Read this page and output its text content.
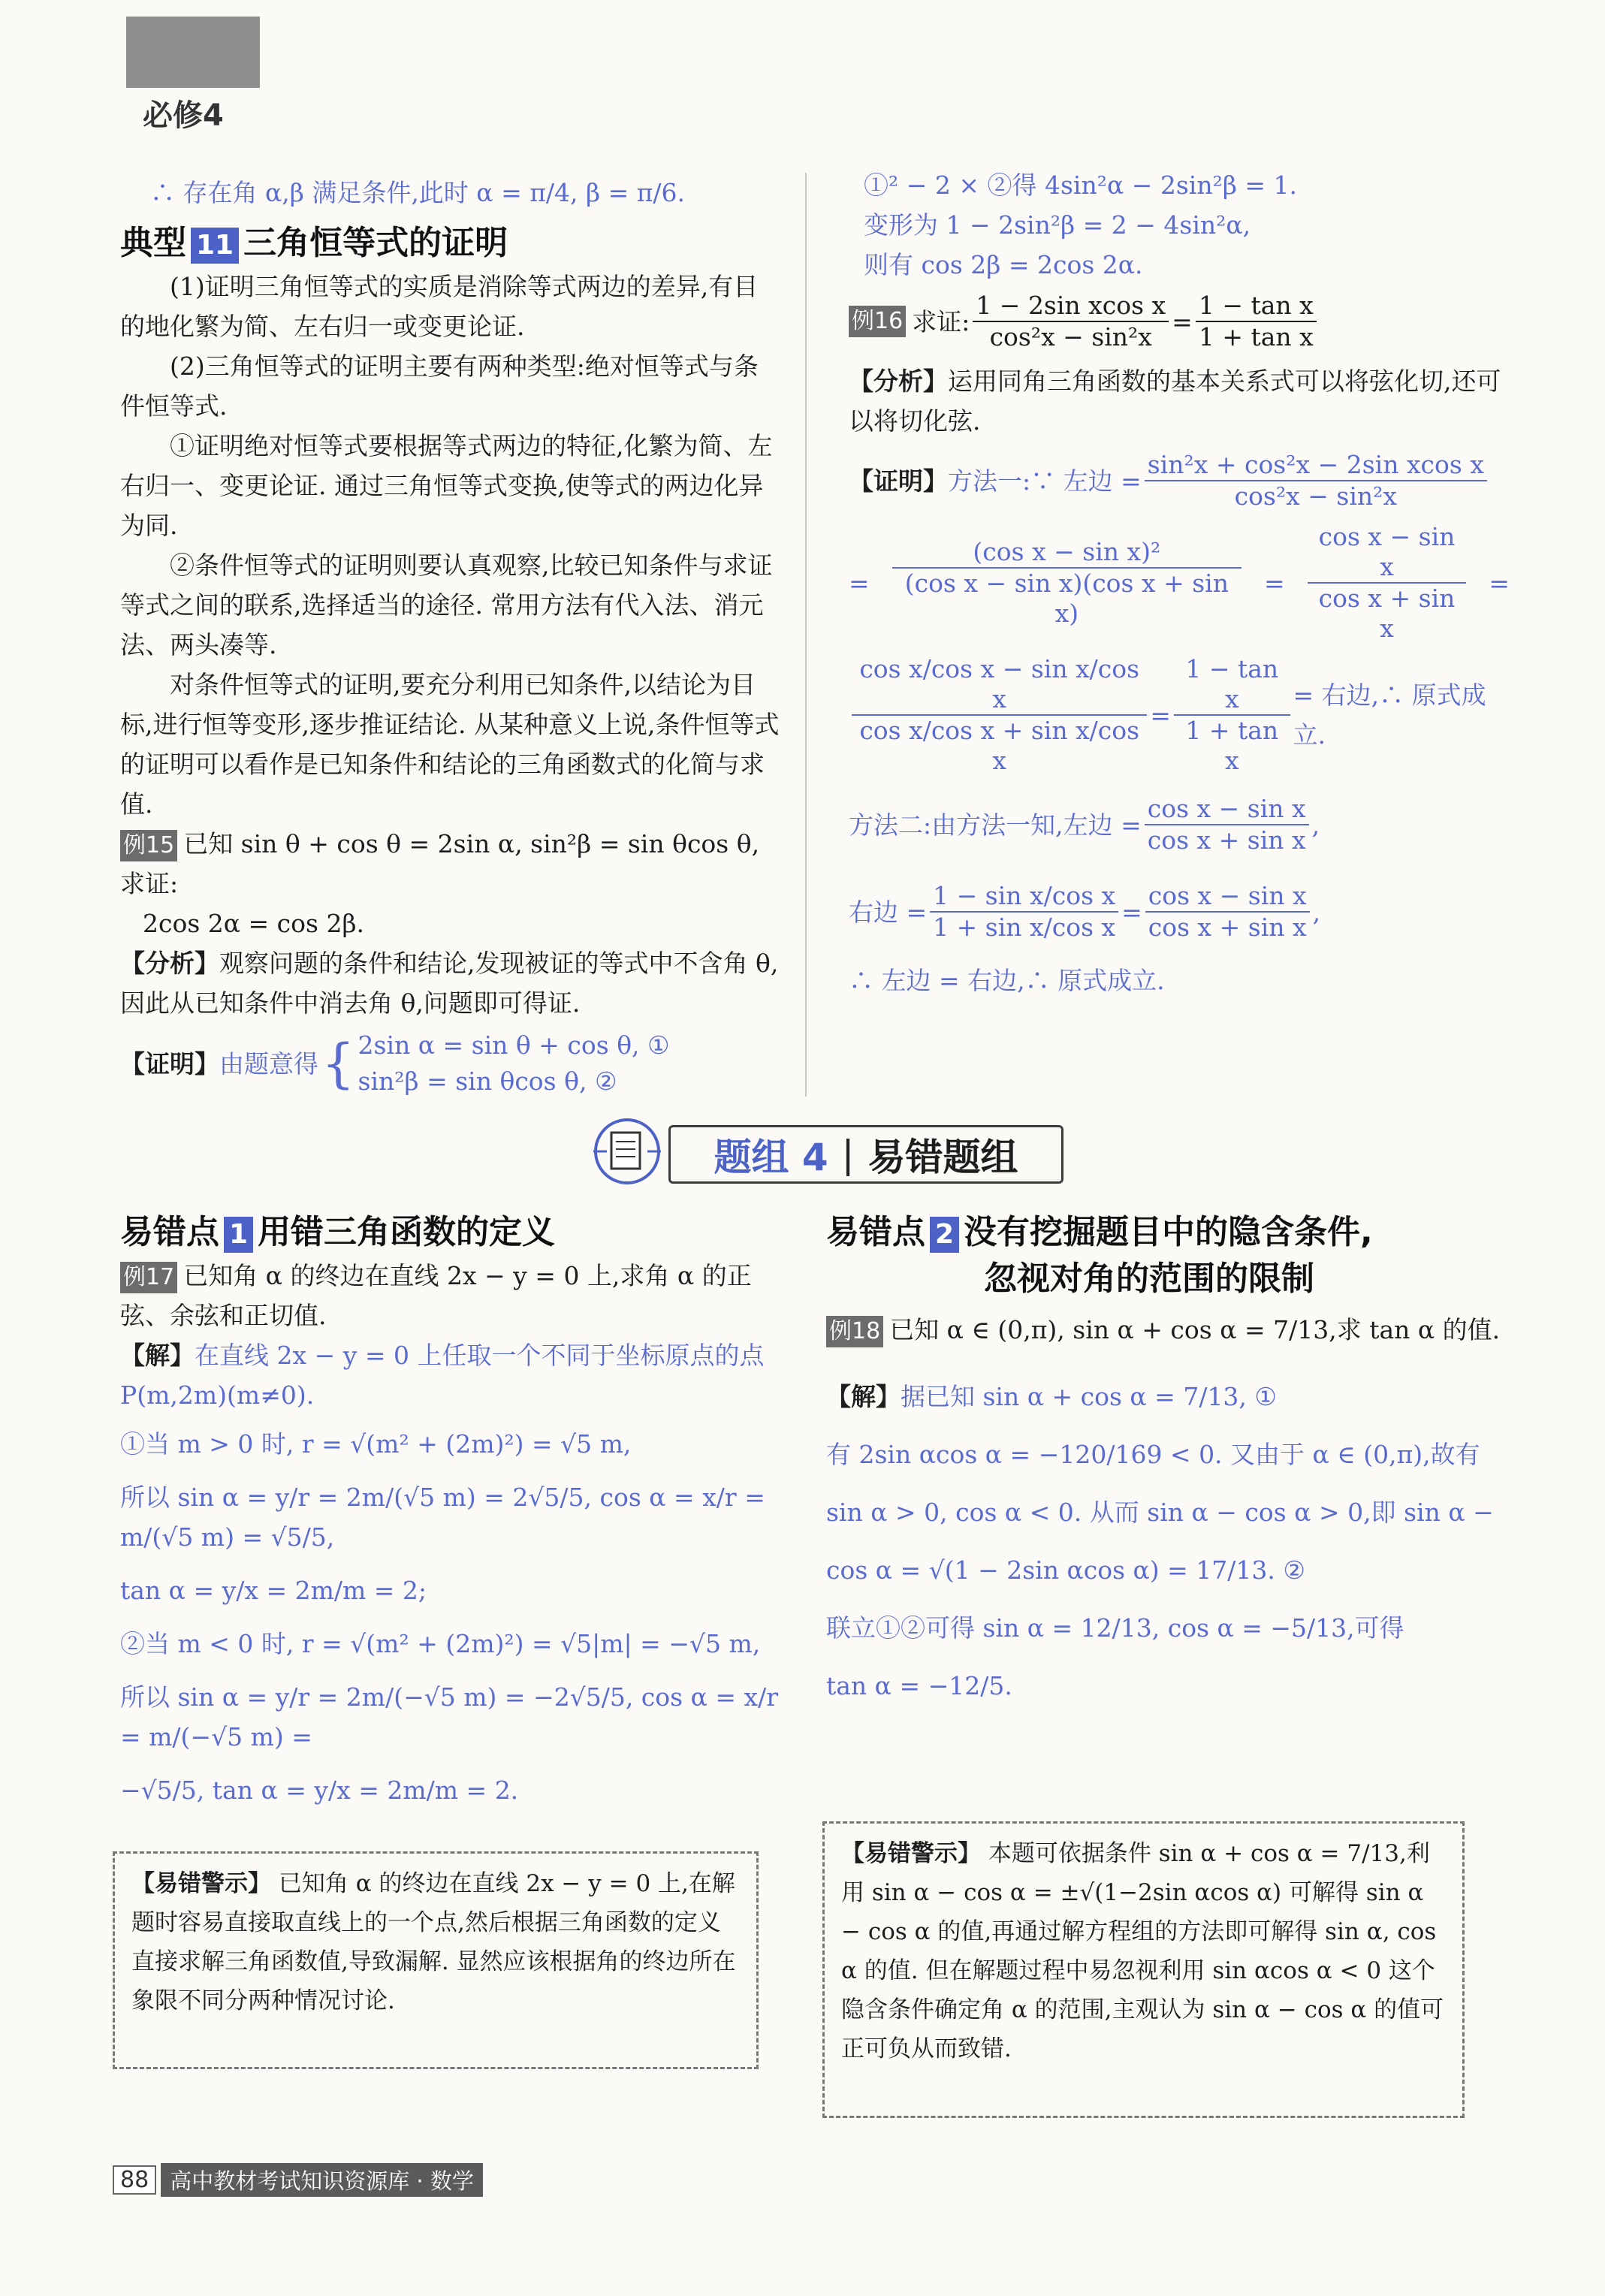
必修4

∴ 存在角 α,β 满足条件,此时 α = π/4, β = π/6.

典型 11 三角恒等式的证明

(1)证明三角恒等式的实质是消除等式两边的差异,有目的地化繁为简、左右归一或变更论证.

(2)三角恒等式的证明主要有两种类型:绝对恒等式与条件恒等式.

①证明绝对恒等式要根据等式两边的特征,化繁为简、左右归一、变更论证. 通过三角恒等式变换,使等式的两边化异为同.

②条件恒等式的证明则要认真观察,比较已知条件与求证等式之间的联系,选择适当的途径. 常用方法有代入法、消元法、两头凑等.

对条件恒等式的证明,要充分利用已知条件,以结论为目标,进行恒等变形,逐步推证结论. 从某种意义上说,条件恒等式的证明可以看作是已知条件和结论的三角函数式的化简与求值.

例15 已知 sin θ + cos θ = 2sin α, sin²β = sin θcos θ,求证:

2cos 2α = cos 2β.

【分析】观察问题的条件和结论,发现被证的等式中不含角 θ,因此从已知条件中消去角 θ,问题即可得证.

【证明】 由题意得 { 2sin α = sin θ + cos θ, ①
sin²β = sin θcos θ, ②

①² − 2 × ②得 4sin²α − 2sin²β = 1.

变形为 1 − 2sin²β = 2 − 4sin²α,

则有 cos 2β = 2cos 2α.

例16 求证: $\frac{\text{1 − 2sin xcos x}}{\text{cos²x − sin²x}} = \frac{\text{1 − tan x}}{\text{1 + tan x}}$

【分析】运用同角三角函数的基本关系式可以将弦化切,还可以将切化弦.

【证明】 方法一:∵ 左边 = $\frac{\text{sin²x + cos²x − 2sin xcos x}}{\text{cos²x − sin²x}}$
= $\frac{\text{(cos x − sin x)²}}{\text{(cos x − sin x)(cos x + sin x)}} = \frac{\text{cos x − sin x}}{\text{cos x + sin x}}$ =
$\frac{\text{cos x/cos x − sin x/cos x}}{\text{cos x/cos x + sin x/cos x}} = \frac{\text{1 − tan x}}{\text{1 + tan x}}$ = 右边,∴ 原式成立.
方法二:由方法一知,左边 = $\frac{\text{cos x − sin x}}{\text{cos x + sin x}}$ ,
右边 = $\frac{\text{1 − sin x/cos x}}{\text{1 + sin x/cos x}} = \frac{\text{cos x − sin x}}{\text{cos x + sin x}}$ ,

∴ 左边 = 右边,∴ 原式成立.

题组 4 | 易错题组
易错点 1 用错三角函数的定义

例17 已知角 α 的终边在直线 2x − y = 0 上,求角 α 的正弦、余弦和正切值.

【解】在直线 2x − y = 0 上任取一个不同于坐标原点的点 P(m,2m)(m≠0).

①当 m > 0 时, r = √(m² + (2m)²) = √5 m,

所以 sin α = y/r = 2m/(√5 m) = 2√5/5, cos α = x/r = m/(√5 m) = √5/5,

tan α = y/x = 2m/m = 2;

②当 m < 0 时, r = √(m² + (2m)²) = √5|m| = −√5 m,

所以 sin α = y/r = 2m/(−√5 m) = −2√5/5, cos α = x/r = m/(−√5 m) =

−√5/5, tan α = y/x = 2m/m = 2.

【易错警示】 已知角 α 的终边在直线 2x − y = 0 上,在解题时容易直接取直线上的一个点,然后根据三角函数的定义直接求解三角函数值,导致漏解. 显然应该根据角的终边所在象限不同分两种情况讨论.
易错点 2 没有挖掘题目中的隐含条件,
忽视对角的范围的限制

例18 已知 α ∈ (0,π), sin α + cos α = 7/13,求 tan α 的值.

【解】据已知 sin α + cos α = 7/13, ①

有 2sin αcos α = −120/169 < 0. 又由于 α ∈ (0,π),故有

sin α > 0, cos α < 0. 从而 sin α − cos α > 0,即 sin α −

cos α = √(1 − 2sin αcos α) = 17/13. ②

联立①②可得 sin α = 12/13, cos α = −5/13,可得

tan α = −12/5.

【易错警示】 本题可依据条件 sin α + cos α = 7/13,利用 sin α − cos α = ±√(1−2sin αcos α) 可解得 sin α − cos α 的值,再通过解方程组的方法即可解得 sin α, cos α 的值. 但在解题过程中易忽视利用 sin αcos α < 0 这个隐含条件确定角 α 的范围,主观认为 sin α − cos α 的值可正可负从而致错.
88 高中教材考试知识资源库 · 数学
